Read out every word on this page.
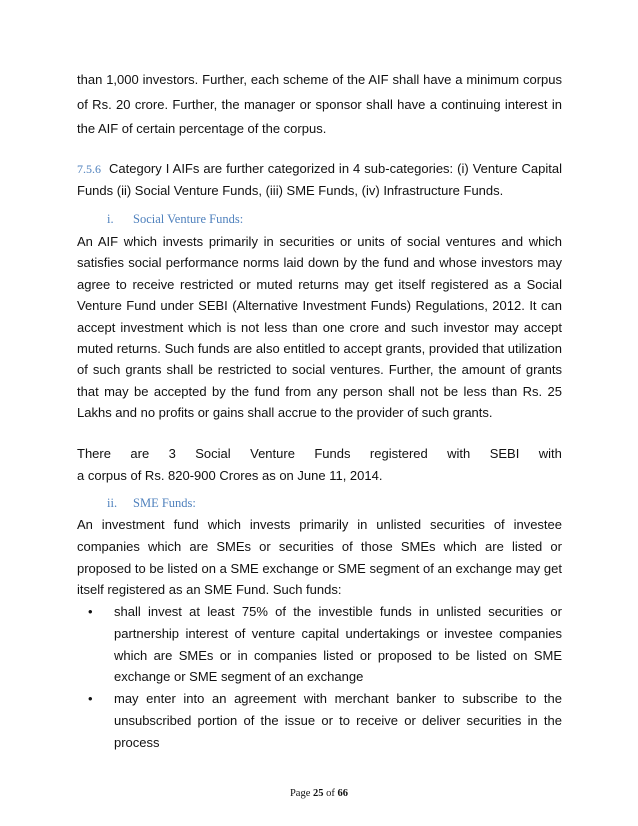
than 1,000 investors. Further, each scheme of the AIF shall have a minimum corpus of Rs. 20 crore. Further, the manager or sponsor shall have a continuing interest in the AIF of certain percentage of the corpus.
7.5.6 Category I AIFs are further categorized in 4 sub-categories: (i) Venture Capital Funds (ii) Social Venture Funds, (iii) SME Funds, (iv) Infrastructure Funds.
i. Social Venture Funds:
An AIF which invests primarily in securities or units of social ventures and which satisfies social performance norms laid down by the fund and whose investors may agree to receive restricted or muted returns may get itself registered as a Social Venture Fund under SEBI (Alternative Investment Funds) Regulations, 2012. It can accept investment which is not less than one crore and such investor may accept muted returns. Such funds are also entitled to accept grants, provided that utilization of such grants shall be restricted to social ventures. Further, the amount of grants that may be accepted by the fund from any person shall not be less than Rs. 25 Lakhs and no profits or gains shall accrue to the provider of such grants.
There are 3 Social Venture Funds registered with SEBI with
a corpus of Rs. 820-900 Crores as on June 11, 2014.
ii. SME Funds:
An investment fund which invests primarily in unlisted securities of investee companies which are SMEs or securities of those SMEs which are listed or proposed to be listed on a SME exchange or SME segment of an exchange may get itself registered as an SME Fund. Such funds:
• shall invest at least 75% of the investible funds in unlisted securities or partnership interest of venture capital undertakings or investee companies which are SMEs or in companies listed or proposed to be listed on SME exchange or SME segment of an exchange
• may enter into an agreement with merchant banker to subscribe to the unsubscribed portion of the issue or to receive or deliver securities in the process
Page 25 of 66
